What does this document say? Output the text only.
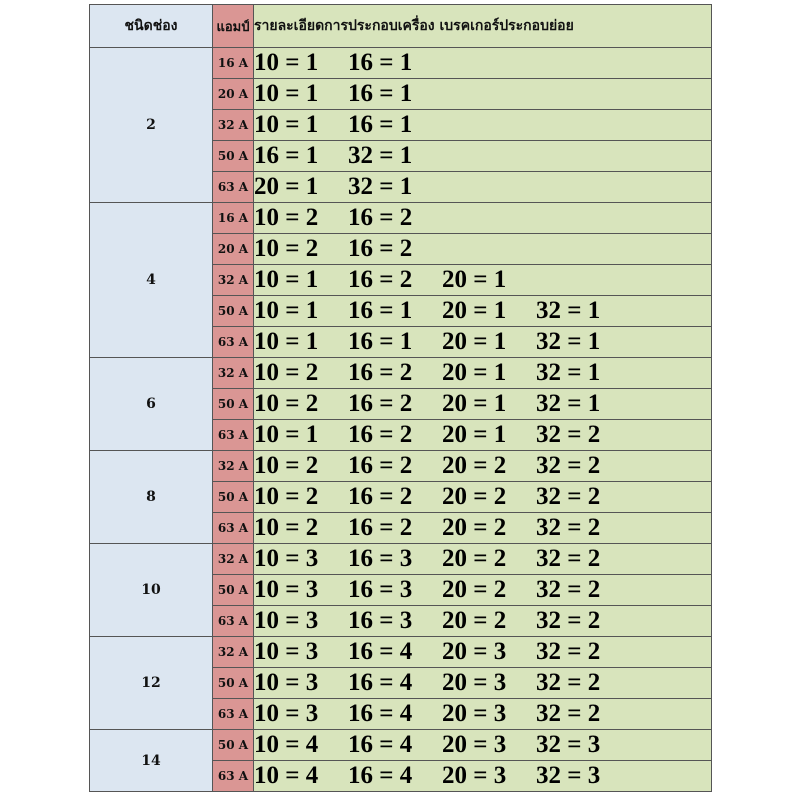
ชนิดช่อง	แอมป์	รายละเอียดการประกอบเครื่อง เบรคเกอร์ประกอบย่อย
2	16 A	10 = 1 16 = 1
	20 A	10 = 1 16 = 1
	32 A	10 = 1 16 = 1
	50 A	16 = 1 32 = 1
	63 A	20 = 1 32 = 1
4	16 A	10 = 2 16 = 2
	20 A	10 = 2 16 = 2
	32 A	10 = 1 16 = 2 20 = 1
	50 A	10 = 1 16 = 1 20 = 1 32 = 1
	63 A	10 = 1 16 = 1 20 = 1 32 = 1
6	32 A	10 = 2 16 = 2 20 = 1 32 = 1
	50 A	10 = 2 16 = 2 20 = 1 32 = 1
	63 A	10 = 1 16 = 2 20 = 1 32 = 2
8	32 A	10 = 2 16 = 2 20 = 2 32 = 2
	50 A	10 = 2 16 = 2 20 = 2 32 = 2
	63 A	10 = 2 16 = 2 20 = 2 32 = 2
10	32 A	10 = 3 16 = 3 20 = 2 32 = 2
	50 A	10 = 3 16 = 3 20 = 2 32 = 2
	63 A	10 = 3 16 = 3 20 = 2 32 = 2
12	32 A	10 = 3 16 = 4 20 = 3 32 = 2
	50 A	10 = 3 16 = 4 20 = 3 32 = 2
	63 A	10 = 3 16 = 4 20 = 3 32 = 2
14	50 A	10 = 4 16 = 4 20 = 3 32 = 3
	63 A	10 = 4 16 = 4 20 = 3 32 = 3
